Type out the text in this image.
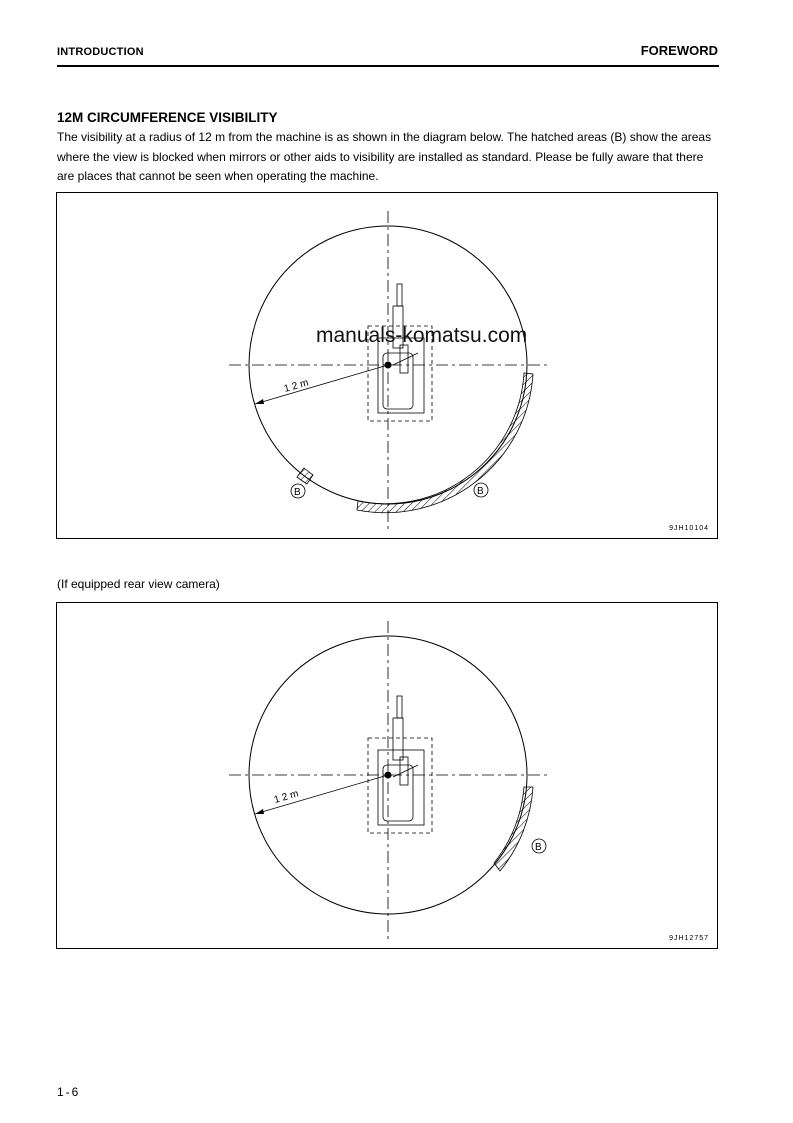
INTRODUCTION	FOREWORD
12M CIRCUMFERENCE VISIBILITY

The visibility at a radius of 12 m from the machine is as shown in the diagram below. The hatched areas (B) show the areas where the view is blocked when mirrors or other aids to visibility are installed as standard. Please be fully aware that there are places that cannot be seen when operating the machine.

1 2 m
B	B
9JH10104
manuals-komatsu.com
(If equipped rear view camera)
1 2 m
B
9JH12757
1-6
